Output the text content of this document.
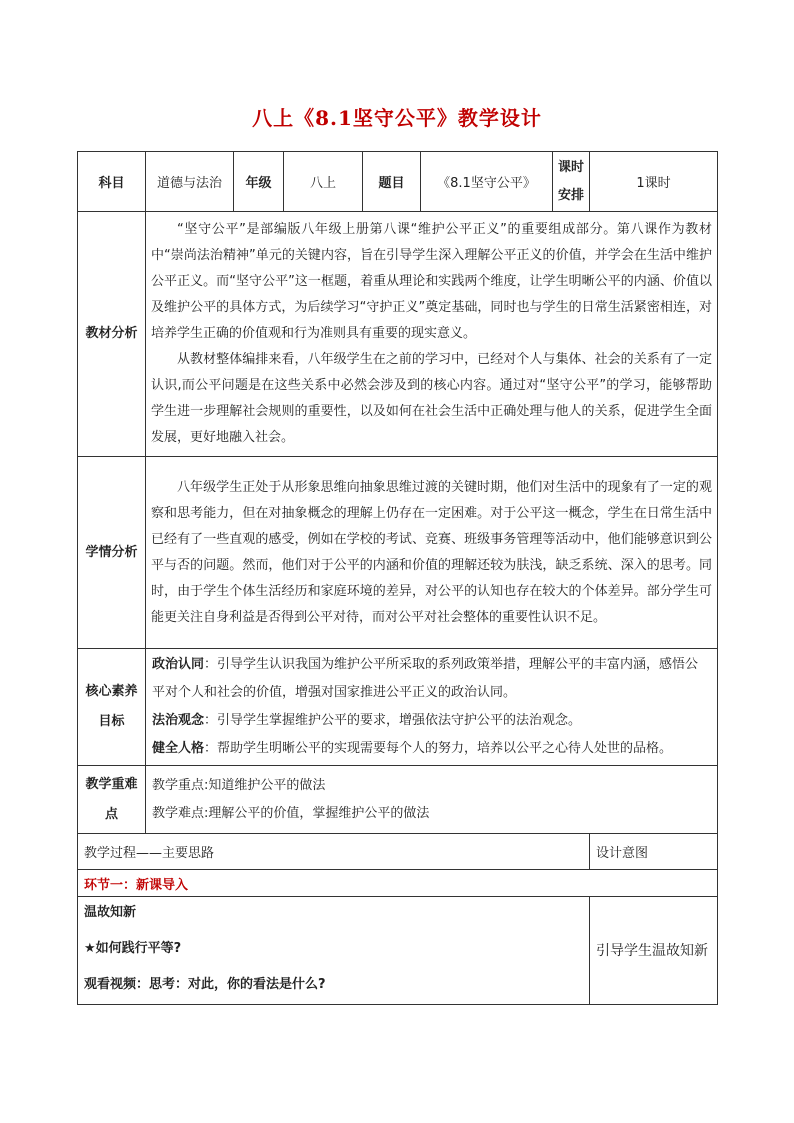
八上《8.1坚守公平》教学设计
科目	道德与法治	年级	八上	题目	《8.1坚守公平》	课时安排	1课时
教材分析	“坚守公平”是部编版八年级上册第八课“维护公平正义”的重要组成部分。第八课作为教材中“崇尚法治精神”单元的关键内容，旨在引导学生深入理解公平正义的价值，并学会在生活中维护公平正义。而“坚守公平”这一框题，着重从理论和实践两个维度，让学生明晰公平的内涵、价值以及维护公平的具体方式，为后续学习“守护正义”奠定基础，同时也与学生的日常生活紧密相连，对培养学生正确的价值观和行为准则具有重要的现实意义。

从教材整体编排来看，八年级学生在之前的学习中，已经对个人与集体、社会的关系有了一定认识,而公平问题是在这些关系中必然会涉及到的核心内容。通过对“坚守公平”的学习，能够帮助学生进一步理解社会规则的重要性，以及如何在社会生活中正确处理与他人的关系，促进学生全面发展，更好地融入社会。						

学情分析	八年级学生正处于从形象思维向抽象思维过渡的关键时期，他们对生活中的现象有了一定的观察和思考能力，但在对抽象概念的理解上仍存在一定困难。对于公平这一概念，学生在日常生活中已经有了一些直观的感受，例如在学校的考试、竞赛、班级事务管理等活动中，他们能够意识到公平与否的问题。然而，他们对于公平的内涵和价值的理解还较为肤浅，缺乏系统、深入的思考。同时，由于学生个体生活经历和家庭环境的差异，对公平的认知也存在较大的个体差异。部分学生可能更关注自身利益是否得到公平对待，而对公平对社会整体的重要性认识不足。						

核心素养目标	政治认同：引导学生认识我国为维护公平所采取的系列政策举措，理解公平的丰富内涵，感悟公平对个人和社会的价值，增强对国家推进公平正义的政治认同。

法治观念：引导学生掌握维护公平的要求，增强依法守护公平的法治观念。

健全人格：帮助学生明晰公平的实现需要每个人的努力，培养以公平之心待人处世的品格。						

教学重难点	教学重点:知道维护公平的做法

教学难点:理解公平的价值，掌握维护公平的做法						

教学过程——主要思路							设计意图
环节一：新课导入							

温故知新
★如何践行平等?
观看视频：思考：对此，你的看法是什么?							引导学生温故知新
